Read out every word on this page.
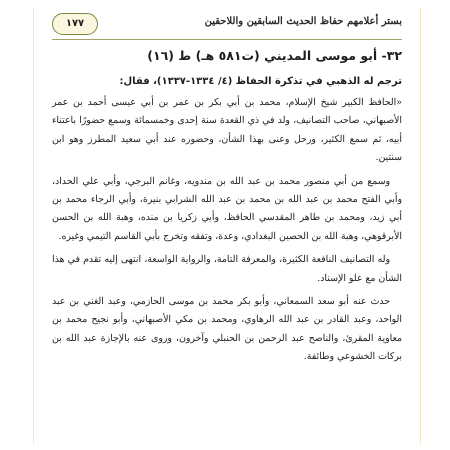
بستر أعلامهم حفاظ الحديث السابقين واللاحقين
١٧٧
٣٢- أبو موسى المديني (ت٥٨١ هـ) ط (١٦)
ترجم له الذهبي في تذكرة الحفاظ (٤/ ١٣٣٤-١٣٣٧)، فقال:

«الحافظ الكبير شيخ الإسلام، محمد بن أبي بكر بن عمر بن أبي عيسى أحمد بن عمر الأصبهاني، صاحب التصانيف، ولد في ذي القعدة سنة إحدى وخمسمائة وسمع حضورًا باعتناء أبيه، ثم سمع الكثير، ورحل وعنى بهذا الشأن، وحضوره عند أبي سعيد المطرز وهو ابن سنتين.

وسمع من أبي منصور محمد بن عبد الله بن مندويه، وغانم البرجي، وأبي علي الحداد، وأبي الفتح محمد بن عبد الله بن محمد بن عبد الله الشرابي بنيرة، وأبي الرجاء محمد بن أبي زيد، ومحمد بن طاهر المقدسي الحافظ، وأبي زكريا بن منده، وهبة الله بن الحسن الأبرقوهي، وهبة الله بن الحصين البغدادي، وعدة، وتفقه وتخرج بأبي القاسم التيمي وغيره.

وله التصانيف النافعة الكثيرة، والمعرفة التامة، والرواية الواسعة، انتهى إليه تقدم في هذا الشأن مع علو الإسناد.

حدث عنه أبو سعد السمعاني، وأبو بكر محمد بن موسى الحازمي، وعبد الغني بن عبد الواحد، وعبد القادر بن عبد الله الرهاوي، ومحمد بن مكي الأصبهاني، وأبو نجيح محمد بن معاوية المقرئ، والناصح عبد الرحمن بن الحنبلي وآخرون، وروى عنه بالإجازة عبد الله بن بركات الخشوعي وطائفة.
